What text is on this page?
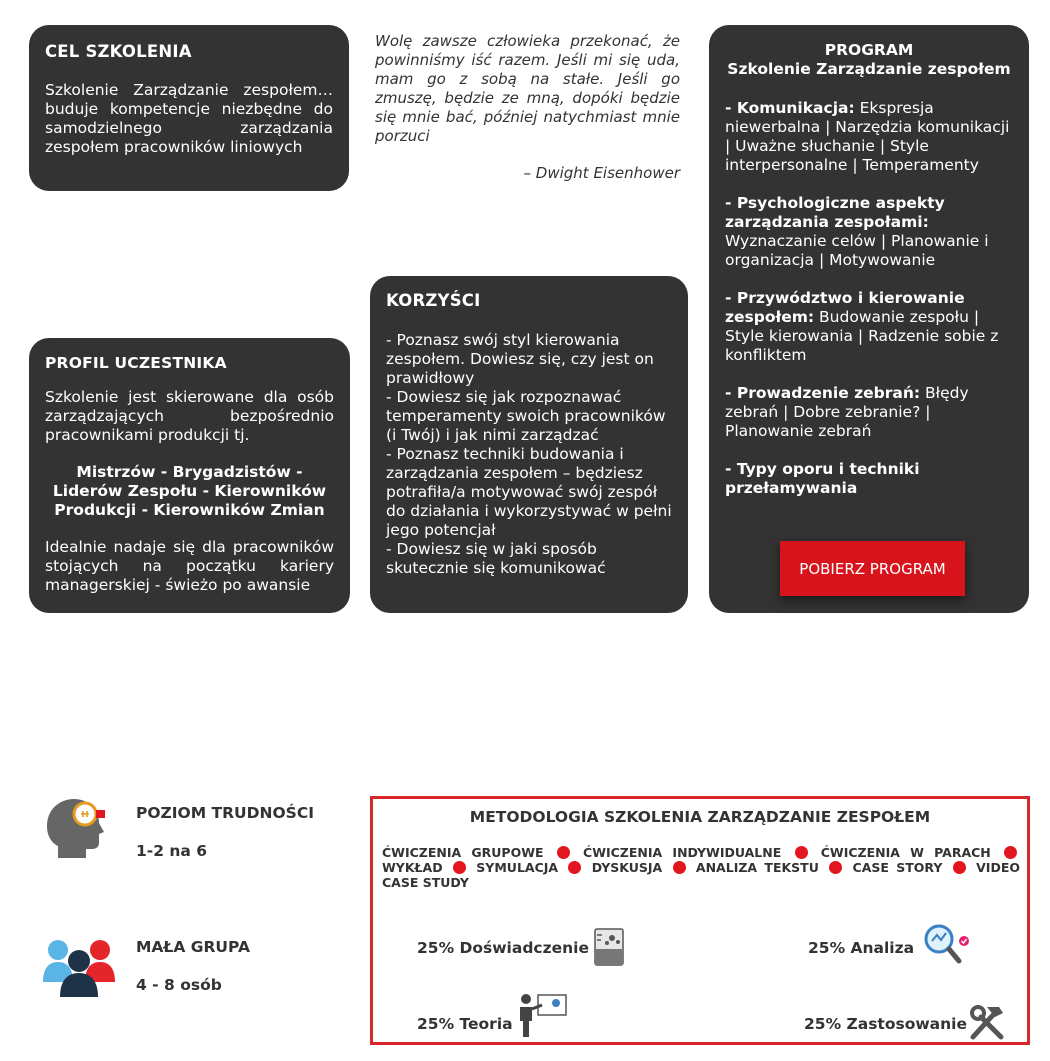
CEL SZKOLENIA

Szkolenie Zarządzanie zespołem… buduje kompetencje niezbędne do samodzielnego zarządzania zespołem pracowników liniowych

Wolę zawsze człowieka przekonać, że powinniśmy iść razem. Jeśli mi się uda, mam go z sobą na stałe. Jeśli go zmuszę, będzie ze mną, dopóki będzie się mnie bać, później natychmiast mnie porzuci
– Dwight Eisenhower
PROGRAM
Szkolenie Zarządzanie zespołem
- Komunikacja: Ekspresja niewerbalna | Narzędzia komunikacji | Uważne słuchanie | Style interpersonalne | Temperamenty
- Psychologiczne aspekty zarządzania zespołami: Wyznaczanie celów | Planowanie i organizacja | Motywowanie
- Przywództwo i kierowanie zespołem: Budowanie zespołu | Style kierowania | Radzenie sobie z konfliktem
- Prowadzenie zebrań: Błędy zebrań | Dobre zebranie? | Planowanie zebrań
- Typy oporu i techniki przełamywania
POBIERZ PROGRAM
PROFIL UCZESTNIKA

Szkolenie jest skierowane dla osób zarządzających bezpośrednio pracownikami produkcji tj.

Mistrzów - Brygadzistów - Liderów Zespołu - Kierowników Produkcji - Kierowników Zmian

Idealnie nadaje się dla pracowników stojących na początku kariery managerskiej - świeżo po awansie

KORZYŚCI

- Poznasz swój styl kierowania zespołem. Dowiesz się, czy jest on prawidłowy

- Dowiesz się jak rozpoznawać temperamenty swoich pracowników (i Twój) i jak nimi zarządzać

- Poznasz techniki budowania i zarządzania zespołem – będziesz potrafiła/a motywować swój zespół do działania i wykorzystywać w pełni jego potencjał

- Dowiesz się w jaki sposób skutecznie się komunikować

POZIOM TRUDNOŚCI
1-2 na 6
MAŁA GRUPA
4 - 8 osób
METODOLOGIA SZKOLENIA ZARZĄDZANIE ZESPOŁEM
ĆWICZENIA GRUPOWE	ĆWICZENIA INDYWIDUALNE	ĆWICZENIA W PARACH  WYKŁAD	SYMULACJA	DYSKUSJA	ANALIZA TEKSTU	CASE STORY	VIDEO CASE STUDY
25% Doświadczenie	25% Analiza
25% Teoria	25% Zastosowanie
